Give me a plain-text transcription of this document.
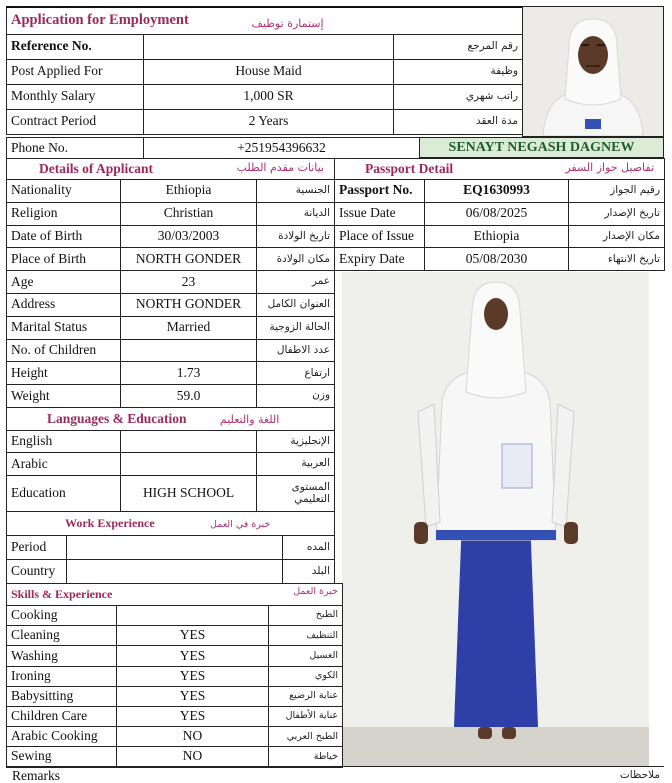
Application for Employment إستمارة توظيف		

Reference No.		رقم المرجع
Post Applied For	House Maid	وظيفة
Monthly Salary	1,000 SR	راتب شهري
Contract Period	2 Years	مدة العقد
Phone No.	+251954396632	SENAYT NEGASH DAGNEW
Details of Applicant بيانات مقدم الطلب		

Nationality	Ethiopia	الجنسية
Religion	Christian	الديانة
Date of Birth	30/03/2003	تاريخ الولادة
Place of Birth	NORTH GONDER	مكان الولادة
Age	23	عمر
Address	NORTH GONDER	العنوان الكامل
Marital Status	Married	الحالة الزوجية
No. of Children		عدد الاطفال
Height	1.73	ارتفاع
Weight	59.0	وزن
Passport Detail تفاصيل جواز السفر		

Passport No.	EQ1630993	رقيم الجواز
Issue Date	06/08/2025	تاريخ الإصدار
Place of Issue	Ethiopia	مكان الإصدار
Expiry Date	05/08/2030	تاريخ الانتهاء
Languages & Education اللغة والتعليم		
English		الإنجليزية
Arabic		العربية
Education	HIGH SCHOOL	المستوى التعليمي
Work Experience خبرة في العمل		
Period		المده
Country		البلد
Skills & Experience خبرة العمل		

Cooking		الطبخ
Cleaning	YES	التنظيف
Washing	YES	الغسيل
Ironing	YES	الكوي
Babysitting	YES	عناية الرضيع
Children Care	YES	عناية الأطفال
Arabic Cooking	NO	الطبخ العربي
Sewing	NO	خياطة
Remarks	ملاحظات
